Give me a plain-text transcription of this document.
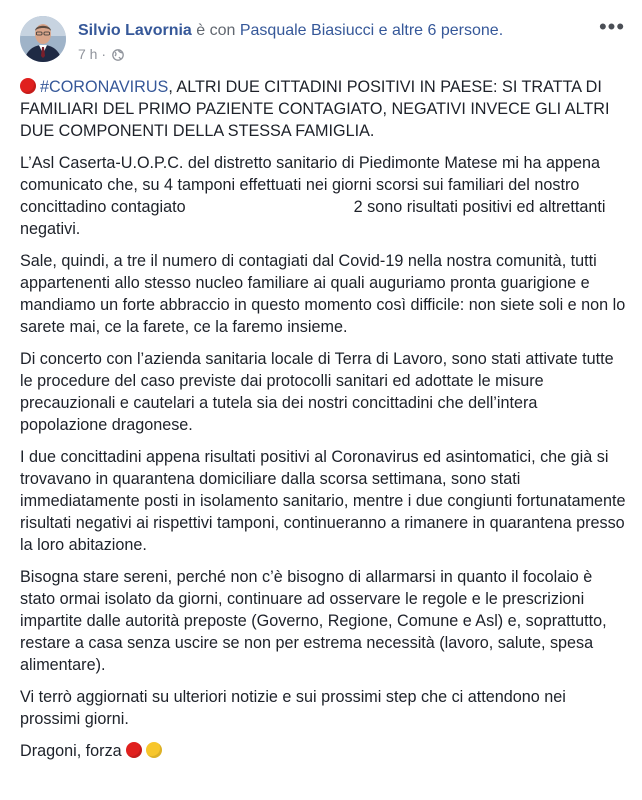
Silvio Lavornia è con Pasquale Biasiucci e altre 6 persone.
7 h ·
•••

#CORONAVIRUS, ALTRI DUE CITTADINI POSITIVI IN PAESE: SI TRATTA DI FAMILIARI DEL PRIMO PAZIENTE CONTAGIATO, NEGATIVI INVECE GLI ALTRI DUE COMPONENTI DELLA STESSA FAMIGLIA.

L’Asl Caserta-U.O.P.C. del distretto sanitario di Piedimonte Matese mi ha appena comunicato che, su 4 tamponi effettuati nei giorni scorsi sui familiari del nostro concittadino contagiato	2 sono risultati positivi ed altrettanti negativi.

Sale, quindi, a tre il numero di contagiati dal Covid-19 nella nostra comunità, tutti appartenenti allo stesso nucleo familiare ai quali auguriamo pronta guarigione e mandiamo un forte abbraccio in questo momento così difficile: non siete soli e non lo sarete mai, ce la farete, ce la faremo insieme.

Di concerto con l’azienda sanitaria locale di Terra di Lavoro, sono stati attivate tutte le procedure del caso previste dai protocolli sanitari ed adottate le misure precauzionali e cautelari a tutela sia dei nostri concittadini che dell’intera popolazione dragonese.

I due concittadini appena risultati positivi al Coronavirus ed asintomatici, che già si trovavano in quarantena domiciliare dalla scorsa settimana, sono stati immediatamente posti in isolamento sanitario, mentre i due congiunti fortunatamente risultati negativi ai rispettivi tamponi, continueranno a rimanere in quarantena presso la loro abitazione.

Bisogna stare sereni, perché non c’è bisogno di allarmarsi in quanto il focolaio è stato ormai isolato da giorni, continuare ad osservare le regole e le prescrizioni impartite dalle autorità preposte (Governo, Regione, Comune e Asl) e, soprattutto, restare a casa senza uscire se non per estrema necessità (lavoro, salute, spesa alimentare).

Vi terrò aggiornati su ulteriori notizie e sui prossimi step che ci attendono nei prossimi giorni.

Dragoni, forza
